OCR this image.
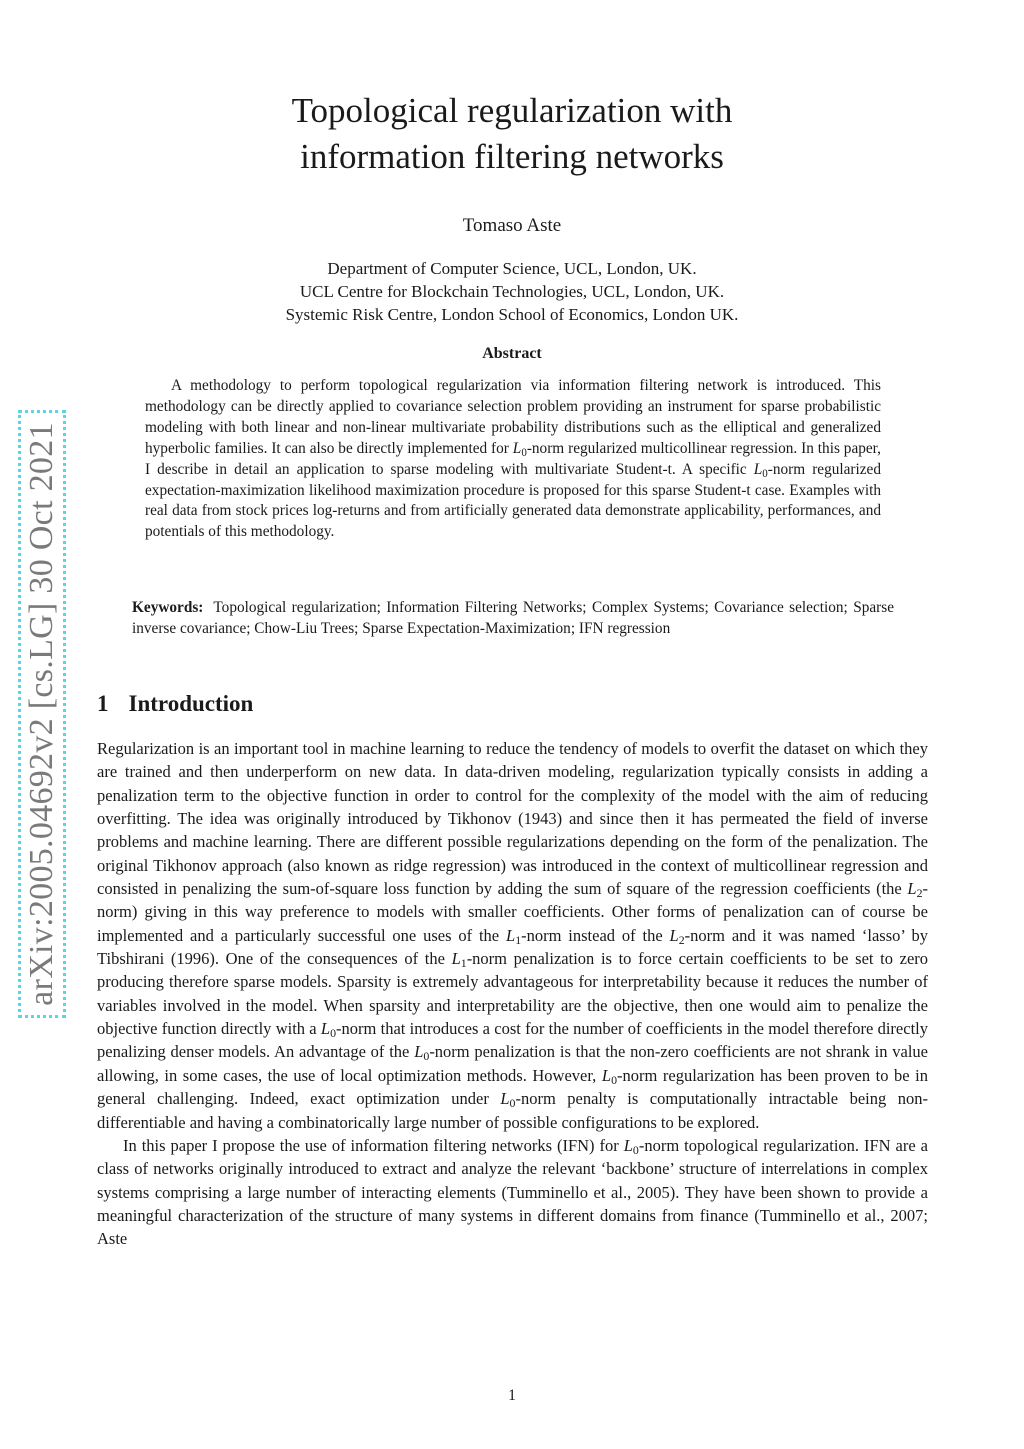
arXiv:2005.04692v2 [cs.LG] 30 Oct 2021
Topological regularization with
information filtering networks
Tomaso Aste
Department of Computer Science, UCL, London, UK.
UCL Centre for Blockchain Technologies, UCL, London, UK.
Systemic Risk Centre, London School of Economics, London UK.
Abstract

A methodology to perform topological regularization via information filtering network is introduced. This methodology can be directly applied to covariance selection problem providing an instrument for sparse probabilistic modeling with both linear and non-linear multivariate probability distributions such as the elliptical and generalized hyperbolic families. It can also be directly implemented for $L_0$-norm regularized multicollinear regression. In this paper, I describe in detail an application to sparse modeling with multivariate Student-t. A specific $L_0$-norm regularized expectation-maximization likelihood maximization procedure is proposed for this sparse Student-t case. Examples with real data from stock prices log-returns and from artificially generated data demonstrate applicability, performances, and potentials of this methodology.

Keywords: Topological regularization; Information Filtering Networks; Complex Systems; Covariance selection; Sparse inverse covariance; Chow-Liu Trees; Sparse Expectation-Maximization; IFN regression

1 Introduction

Regularization is an important tool in machine learning to reduce the tendency of models to overfit the dataset on which they are trained and then underperform on new data. In data-driven modeling, regularization typically consists in adding a penalization term to the objective function in order to control for the complexity of the model with the aim of reducing overfitting. The idea was originally introduced by Tikhonov (1943) and since then it has permeated the field of inverse problems and machine learning. There are different possible regularizations depending on the form of the penalization. The original Tikhonov approach (also known as ridge regression) was introduced in the context of multicollinear regression and consisted in penalizing the sum-of-square loss function by adding the sum of square of the regression coefficients (the $L_2-norm$) giving in this way preference to models with smaller coefficients. Other forms of penalization can of course be implemented and a particularly successful one uses of the $L_1$-norm instead of the $L_2$-norm and it was named ‘lasso’ by Tibshirani (1996). One of the consequences of the $L_1$-norm penalization is to force certain coefficients to be set to zero producing therefore sparse models. Sparsity is extremely advantageous for interpretability because it reduces the number of variables involved in the model. When sparsity and interpretability are the objective, then one would aim to penalize the objective function directly with a $L_0$-norm that introduces a cost for the number of coefficients in the model therefore directly penalizing denser models. An advantage of the $L_0$-norm penalization is that the non-zero coefficients are not shrank in value allowing, in some cases, the use of local optimization methods. However, $L_0$-norm regularization has been proven to be in general challenging. Indeed, exact optimization under $L_0$-norm penalty is computationally intractable being non-differentiable and having a combinatorically large number of possible configurations to be explored.

In this paper I propose the use of information filtering networks (IFN) for $L_0$-norm topological regularization. IFN are a class of networks originally introduced to extract and analyze the relevant ‘backbone’ structure of interrelations in complex systems comprising a large number of interacting elements (Tumminello et al., 2005). They have been shown to provide a meaningful characterization of the structure of many systems in different domains from finance (Tumminello et al., 2007; Aste

1
